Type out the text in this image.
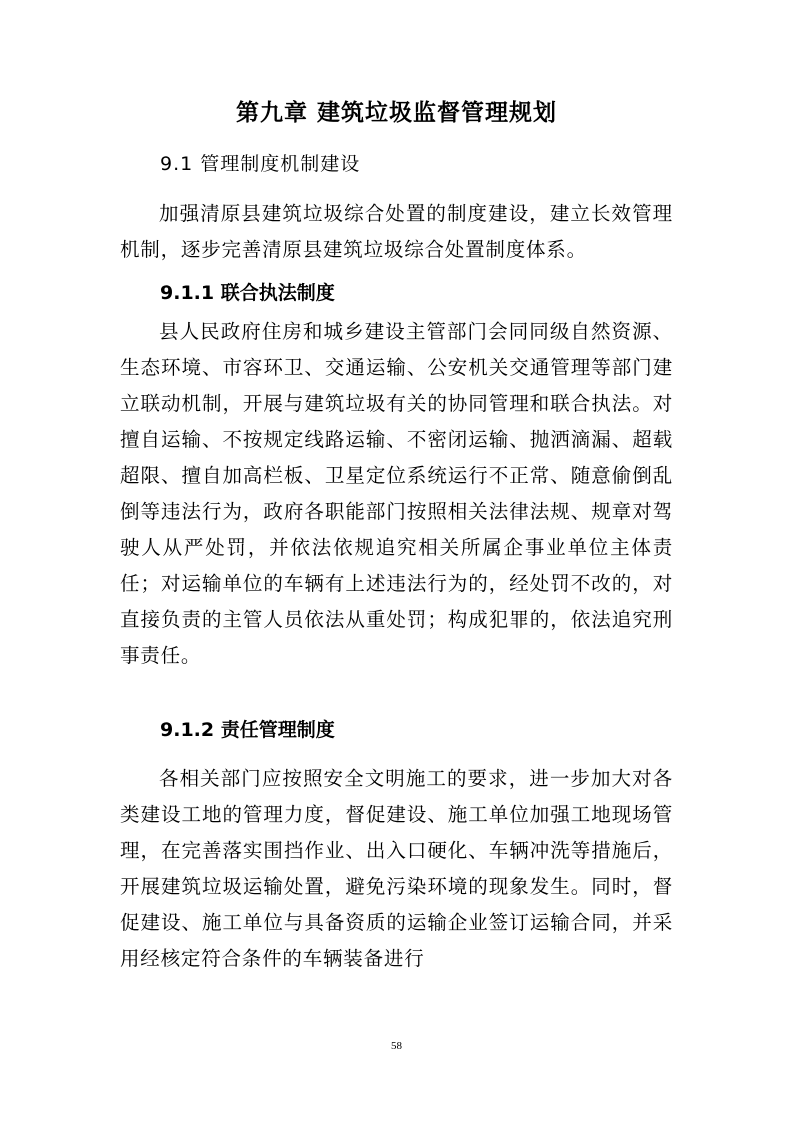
第九章 建筑垃圾监督管理规划
9.1 管理制度机制建设

加强清原县建筑垃圾综合处置的制度建设，建立长效管理机制，逐步完善清原县建筑垃圾综合处置制度体系。

9.1.1 联合执法制度

县人民政府住房和城乡建设主管部门会同同级自然资源、生态环境、市容环卫、交通运输、公安机关交通管理等部门建立联动机制，开展与建筑垃圾有关的协同管理和联合执法。对擅自运输、不按规定线路运输、不密闭运输、抛洒滴漏、超载超限、擅自加高栏板、卫星定位系统运行不正常、随意偷倒乱倒等违法行为，政府各职能部门按照相关法律法规、规章对驾驶人从严处罚，并依法依规追究相关所属企事业单位主体责任；对运输单位的车辆有上述违法行为的，经处罚不改的，对直接负责的主管人员依法从重处罚；构成犯罪的，依法追究刑事责任。

9.1.2 责任管理制度

各相关部门应按照安全文明施工的要求，进一步加大对各类建设工地的管理力度，督促建设、施工单位加强工地现场管理，在完善落实围挡作业、出入口硬化、车辆冲洗等措施后，开展建筑垃圾运输处置，避免污染环境的现象发生。同时，督促建设、施工单位与具备资质的运输企业签订运输合同，并采用经核定符合条件的车辆装备进行

58
